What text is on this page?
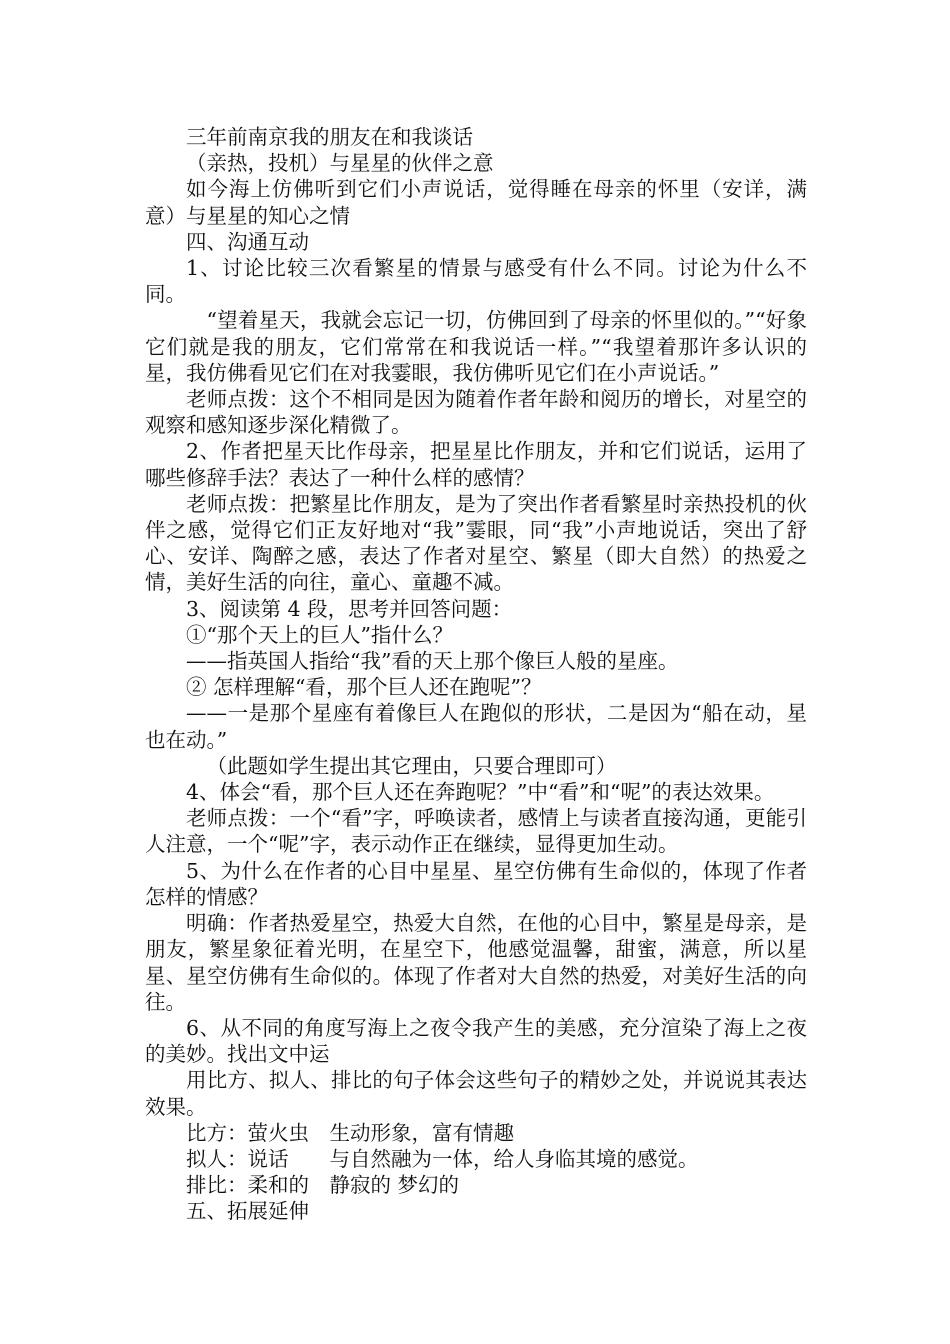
三年前南京我的朋友在和我谈话

（亲热，投机）与星星的伙伴之意

如今海上仿佛听到它们小声说话，觉得睡在母亲的怀里（安详，满意）与星星的知心之情

四、沟通互动

1、讨论比较三次看繁星的情景与感受有什么不同。讨论为什么不同。

“望着星天，我就会忘记一切，仿佛回到了母亲的怀里似的。”“好象它们就是我的朋友，它们常常在和我说话一样。”“我望着那许多认识的星，我仿佛看见它们在对我霎眼，我仿佛听见它们在小声说话。”

老师点拨：这个不相同是因为随着作者年龄和阅历的增长，对星空的观察和感知逐步深化精微了。

2、作者把星天比作母亲，把星星比作朋友，并和它们说话，运用了哪些修辞手法？表达了一种什么样的感情？

老师点拨：把繁星比作朋友，是为了突出作者看繁星时亲热投机的伙伴之感，觉得它们正友好地对“我”霎眼，同“我”小声地说话，突出了舒心、安详、陶醉之感，表达了作者对星空、繁星（即大自然）的热爱之情，美好生活的向往，童心、童趣不减。

3、阅读第 4 段，思考并回答问题：

①“那个天上的巨人”指什么？

——指英国人指给“我”看的天上那个像巨人般的星座。

② 怎样理解“看，那个巨人还在跑呢”？

——一是那个星座有着像巨人在跑似的形状，二是因为“船在动，星也在动。”

（此题如学生提出其它理由，只要合理即可）

4、体会“看，那个巨人还在奔跑呢？”中“看”和“呢”的表达效果。

老师点拨：一个“看”字，呼唤读者，感情上与读者直接沟通，更能引人注意，一个“呢”字，表示动作正在继续，显得更加生动。

5、为什么在作者的心目中星星、星空仿佛有生命似的，体现了作者怎样的情感？

明确：作者热爱星空，热爱大自然，在他的心目中，繁星是母亲，是朋友，繁星象征着光明，在星空下，他感觉温馨，甜蜜，满意，所以星星、星空仿佛有生命似的。体现了作者对大自然的热爱，对美好生活的向往。

6、从不同的角度写海上之夜令我产生的美感，充分渲染了海上之夜的美妙。找出文中运

用比方、拟人、排比的句子体会这些句子的精妙之处，并说说其表达效果。

比方：萤火虫　生动形象，富有情趣

拟人：说话　　与自然融为一体，给人身临其境的感觉。

排比：柔和的　静寂的 梦幻的

五、拓展延伸
